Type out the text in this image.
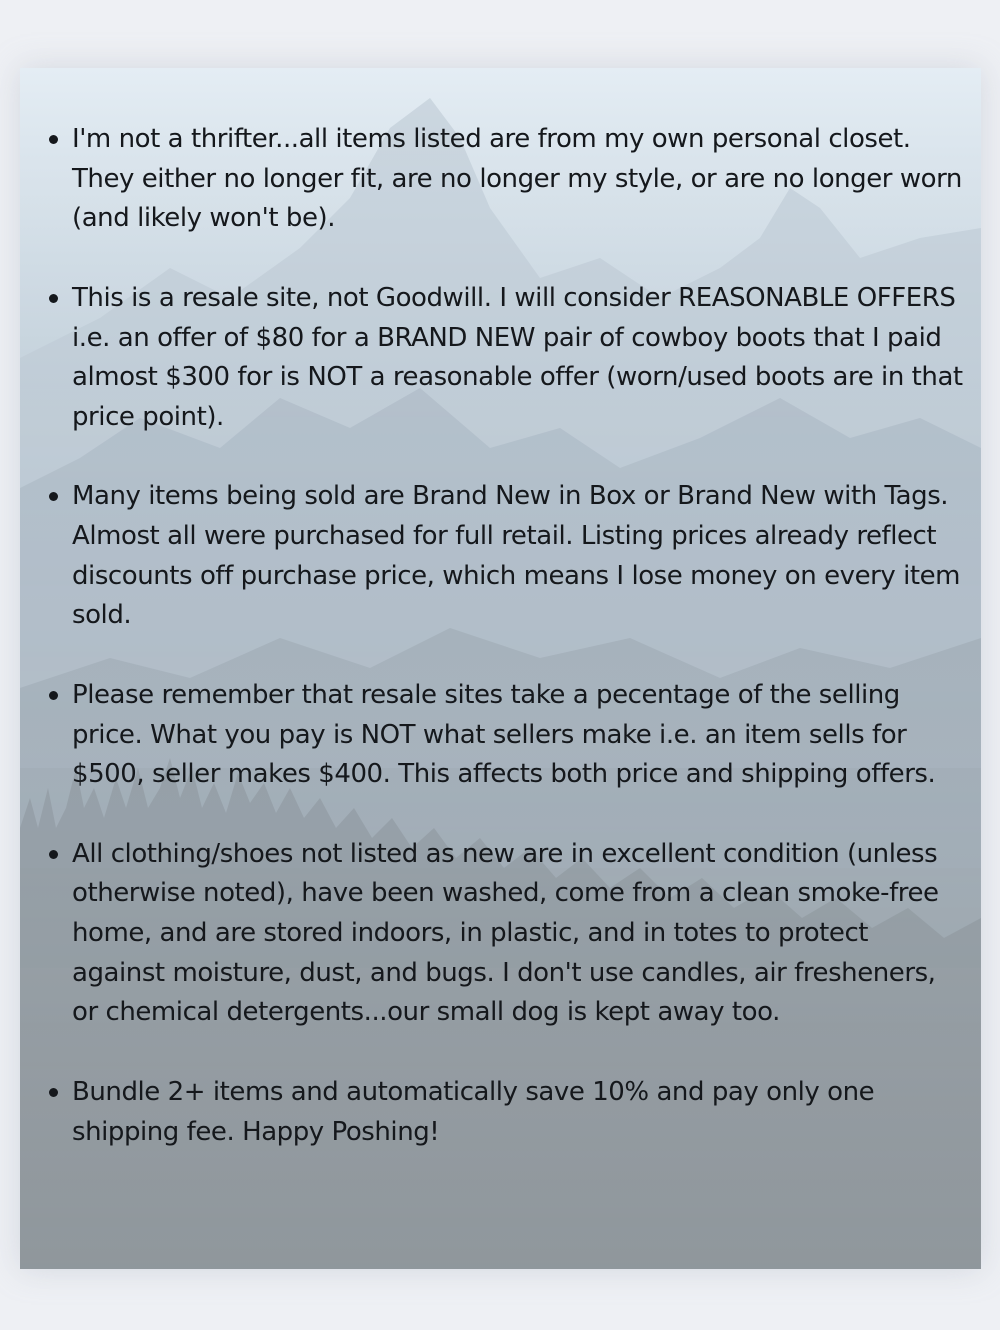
I'm not a thrifter...all items listed are from my own personal closet. They either no longer fit, are no longer my style, or are no longer worn (and likely won't be).
This is a resale site, not Goodwill. I will consider REASONABLE OFFERS i.e. an offer of $80 for a BRAND NEW pair of cowboy boots that I paid almost $300 for is NOT a reasonable offer (worn/used boots are in that price point).
Many items being sold are Brand New in Box or Brand New with Tags. Almost all were purchased for full retail. Listing prices already reflect discounts off purchase price, which means I lose money on every item sold.
Please remember that resale sites take a pecentage of the selling price. What you pay is NOT what sellers make i.e. an item sells for $500, seller makes $400. This affects both price and shipping offers.
All clothing/shoes not listed as new are in excellent condition (unless otherwise noted), have been washed, come from a clean smoke-free home, and are stored indoors, in plastic, and in totes to protect against moisture, dust, and bugs. I don't use candles, air fresheners, or chemical detergents...our small dog is kept away too.
Bundle 2+ items and automatically save 10% and pay only one shipping fee. Happy Poshing!
